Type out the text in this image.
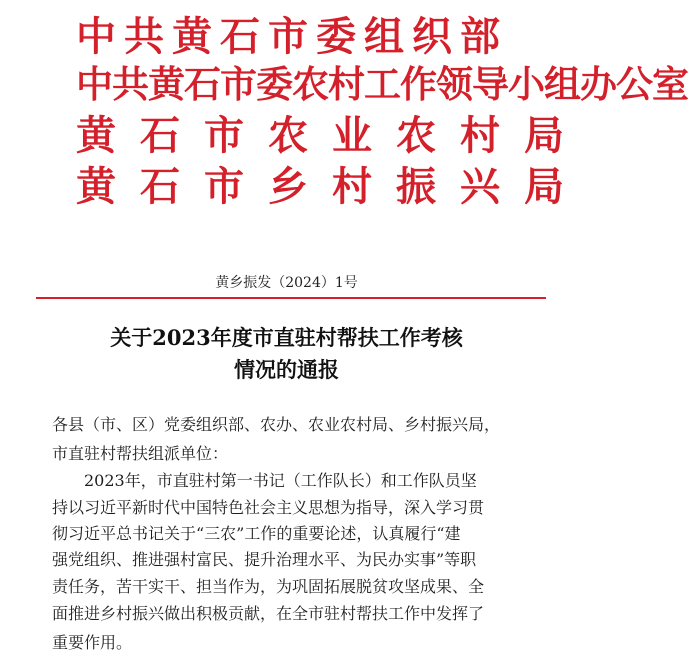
中共黄石市委组织部
中共黄石市委农村工作领导小组办公室
黄石市农业农村局
黄石市乡村振兴局
黄乡振发（2024）1号
关于2023年度市直驻村帮扶工作考核
情况的通报
各县（市、区）党委组织部、农办、农业农村局、乡村振兴局，
市直驻村帮扶组派单位：
　　2023年，市直驻村第一书记（工作队长）和工作队员坚
持以习近平新时代中国特色社会主义思想为指导，深入学习贯
彻习近平总书记关于“三农”工作的重要论述，认真履行“建
强党组织、推进强村富民、提升治理水平、为民办实事”等职
责任务，苦干实干、担当作为，为巩固拓展脱贫攻坚成果、全
面推进乡村振兴做出积极贡献，在全市驻村帮扶工作中发挥了
重要作用。
